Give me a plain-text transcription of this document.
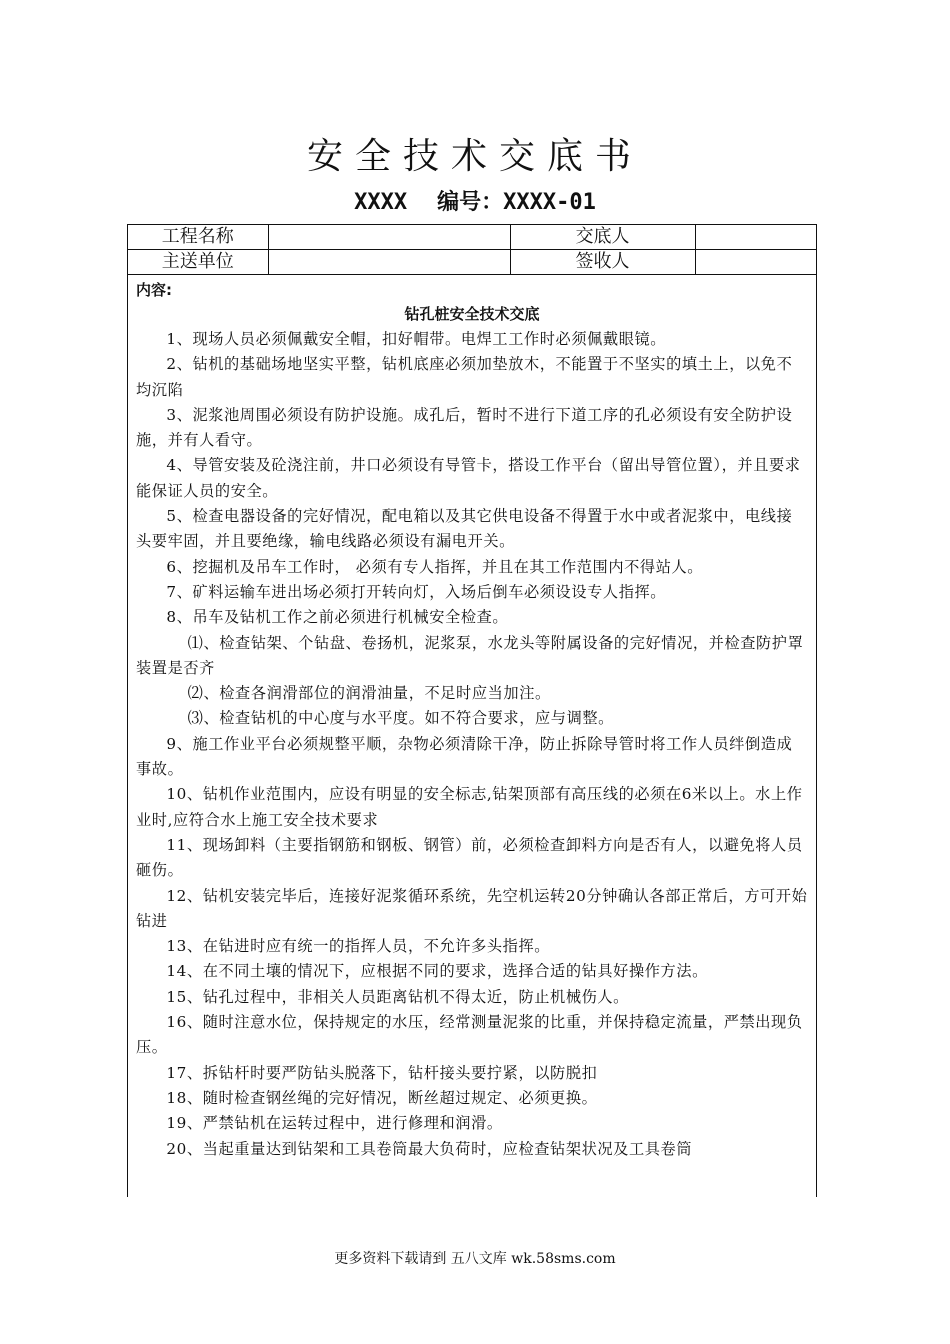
安全技术交底书
XXXX 编号：XXXX-01
工程名称		交底人	
主送单位		签收人	
内容:
钻孔桩安全技术交底

1、现场人员必须佩戴安全帽，扣好帽带。电焊工工作时必须佩戴眼镜。

2、钻机的基础场地坚实平整，钻机底座必须加垫放木，不能置于不坚实的填土上，以免不均沉陷

3、泥浆池周围必须设有防护设施。成孔后，暂时不进行下道工序的孔必须设有安全防护设施，并有人看守。

4、导管安装及砼浇注前，井口必须设有导管卡，搭设工作平台（留出导管位置），并且要求能保证人员的安全。

5、检查电器设备的完好情况，配电箱以及其它供电设备不得置于水中或者泥浆中，电线接头要牢固，并且要绝缘，输电线路必须设有漏电开关。

6、挖掘机及吊车工作时， 必须有专人指挥，并且在其工作范围内不得站人。

7、矿料运输车进出场必须打开转向灯，入场后倒车必须设设专人指挥。

8、吊车及钻机工作之前必须进行机械安全检查。

⑴、检查钻架、个钻盘、卷扬机，泥浆泵，水龙头等附属设备的完好情况，并检查防护罩装置是否齐

⑵、检查各润滑部位的润滑油量，不足时应当加注。

⑶、检查钻机的中心度与水平度。如不符合要求，应与调整。

9、施工作业平台必须规整平顺，杂物必须清除干净，防止拆除导管时将工作人员绊倒造成事故。

10、钻机作业范围内，应设有明显的安全标志,钻架顶部有高压线的必须在6米以上。水上作业时,应符合水上施工安全技术要求

11、现场卸料（主要指钢筋和钢板、钢管）前，必须检查卸料方向是否有人，以避免将人员砸伤。

12、钻机安装完毕后，连接好泥浆循环系统，先空机运转20分钟确认各部正常后，方可开始钻进

13、在钻进时应有统一的指挥人员，不允许多头指挥。

14、在不同土壤的情况下，应根据不同的要求，选择合适的钻具好操作方法。

15、钻孔过程中，非相关人员距离钻机不得太近，防止机械伤人。

16、随时注意水位，保持规定的水压，经常测量泥浆的比重，并保持稳定流量，严禁出现负压。

17、拆钻杆时要严防钻头脱落下，钻杆接头要拧紧，以防脱扣

18、随时检查钢丝绳的完好情况，断丝超过规定、必须更换。

19、严禁钻机在运转过程中，进行修理和润滑。

20、当起重量达到钻架和工具卷筒最大负荷时，应检查钻架状况及工具卷筒

更多资料下载请到 五八文库 wk.58sms.com
